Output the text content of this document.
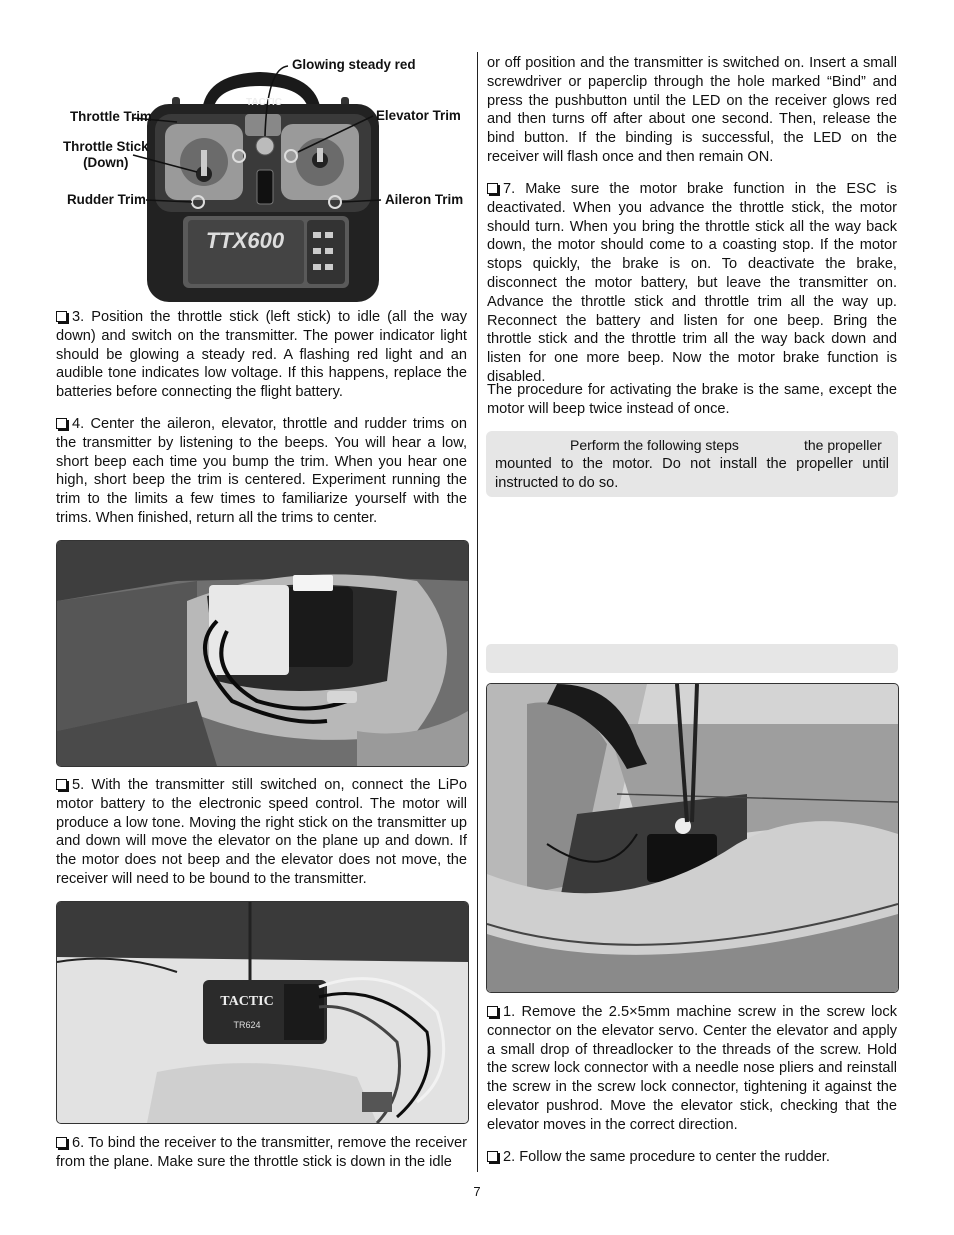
TACTIC
TTX600
Glowing steady red
Throttle Trim	Elevator Trim
Throttle Stick
(Down)
Rudder Trim	Aileron Trim

3. Position the throttle stick (left stick) to idle (all the way down) and switch on the transmitter. The power indicator light should be glowing a steady red. A flashing red light and an audible tone indicates low voltage. If this happens, replace the batteries before connecting the flight battery.

4. Center the aileron, elevator, throttle and rudder trims on the transmitter by listening to the beeps. You will hear a low, short beep each time you bump the trim. When you hear one high, short beep the trim is centered. Experiment running the trim to the limits a few times to familiarize yourself with the trims. When finished, return all the trims to center.

5. With the transmitter still switched on, connect the LiPo motor battery to the electronic speed control. The motor will produce a low tone. Moving the right stick on the transmitter up and down will move the elevator on the plane up and down. If the motor does not beep and the elevator does not move, the receiver will need to be bound to the transmitter.

TACTIC
TR624

6. To bind the receiver to the transmitter, remove the receiver from the plane. Make sure the throttle stick is down in the idle

or off position and the transmitter is switched on. Insert a small screwdriver or paperclip through the hole marked “Bind” and press the pushbutton until the LED on the receiver glows red and then turns off after about one second. Then, release the bind button. If the binding is successful, the LED on the receiver will flash once and then remain ON.

7. Make sure the motor brake function in the ESC is deactivated. When you advance the throttle stick, the motor should turn. When you bring the throttle stick all the way back down, the motor should come to a coasting stop. If the motor stops quickly, the brake is on. To deactivate the brake, disconnect the motor battery, but leave the transmitter on. Advance the throttle stick and throttle trim all the way up. Reconnect the battery and listen for one beep. Bring the throttle stick and the throttle trim all the way back down and listen for one more beep. Now the motor brake function is disabled.

The procedure for activating the brake is the same, except the motor will beep twice instead of once.

Perform the following steps	the propeller
mounted to the motor. Do not install the propeller until instructed to do so.

1. Remove the 2.5×5mm machine screw in the screw lock connector on the elevator servo. Center the elevator and apply a small drop of threadlocker to the threads of the screw. Hold the screw lock connector with a needle nose pliers and reinstall the screw in the screw lock connector, tightening it against the elevator pushrod. Move the elevator stick, checking that the elevator moves in the correct direction.

2. Follow the same procedure to center the rudder.

7
